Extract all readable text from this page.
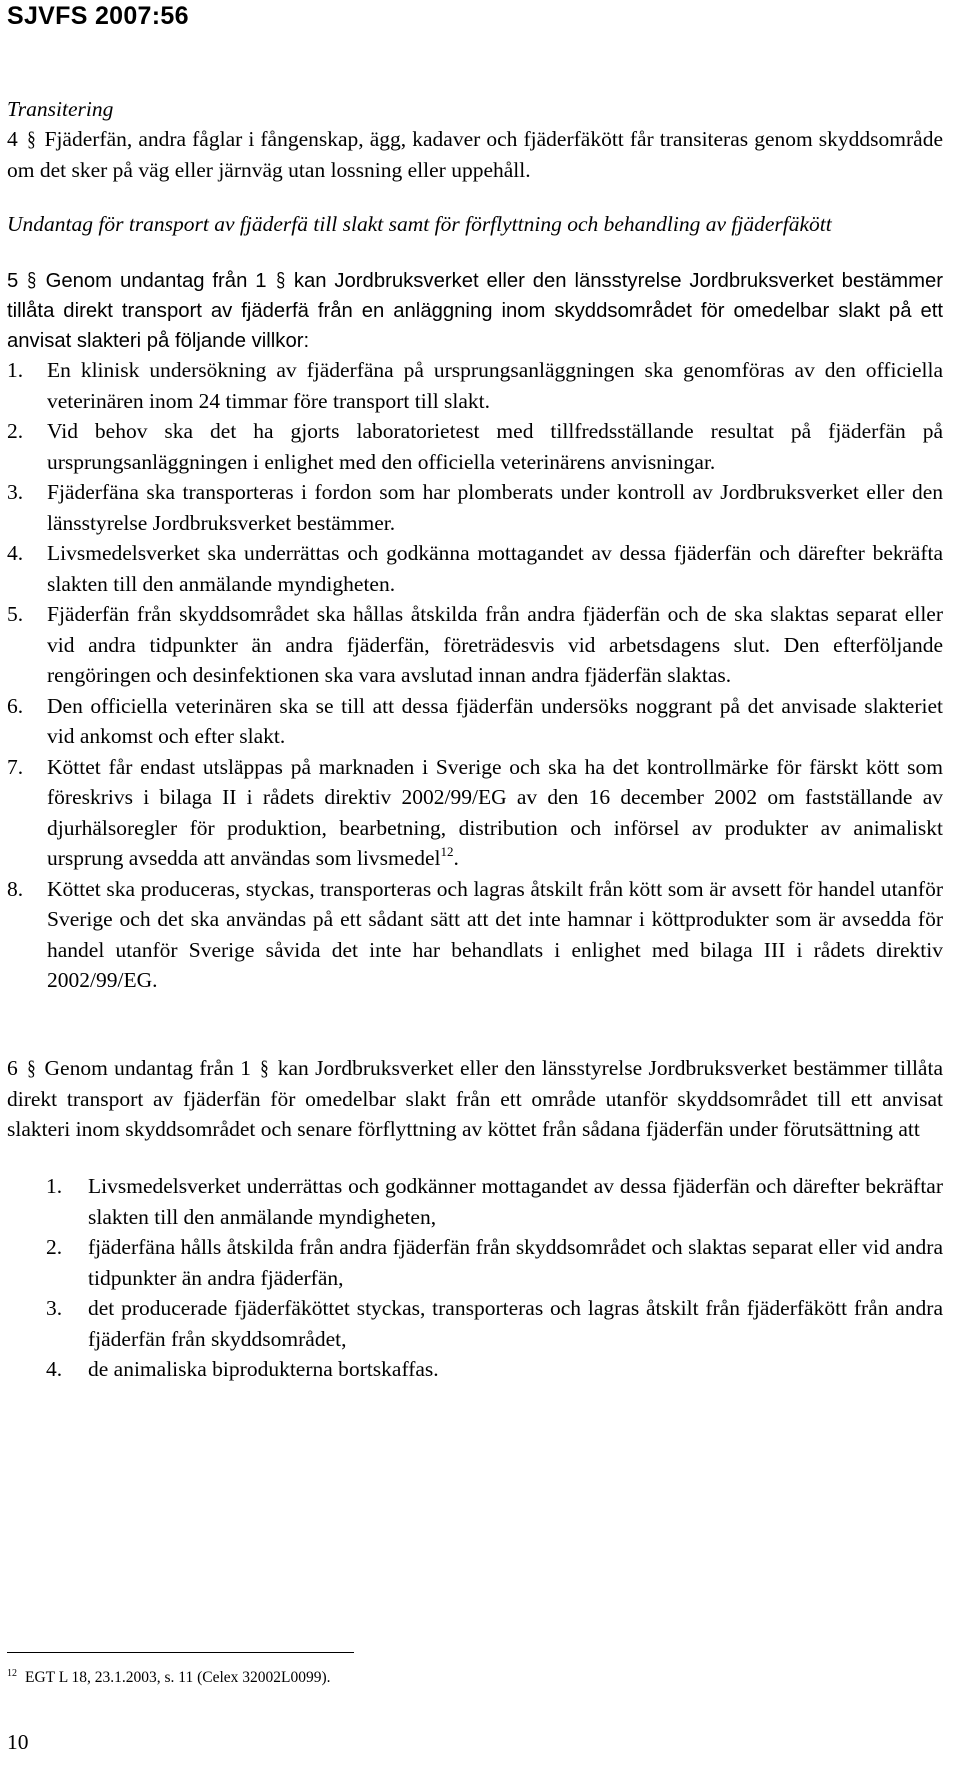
SJVFS 2007:56
Transitering
4 § Fjäderfän, andra fåglar i fångenskap, ägg, kadaver och fjäderfäkött får transiteras genom skyddsområde om det sker på väg eller järnväg utan lossning eller uppehåll.
Undantag för transport av fjäderfä till slakt samt för förflyttning och behandling av fjäderfäkött
5 § Genom undantag från 1 § kan Jordbruksverket eller den länsstyrelse Jordbruksverket bestämmer tillåta direkt transport av fjäderfä från en anläggning inom skyddsområdet för omedelbar slakt på ett anvisat slakteri på följande villkor:
1. En klinisk undersökning av fjäderfäna på ursprungsanläggningen ska genomföras av den officiella veterinären inom 24 timmar före transport till slakt.
2. Vid behov ska det ha gjorts laboratorietest med tillfredsställande resultat på fjäderfän på ursprungsanläggningen i enlighet med den officiella veterinärens anvisningar.
3. Fjäderfäna ska transporteras i fordon som har plomberats under kontroll av Jordbruksverket eller den länsstyrelse Jordbruksverket bestämmer.
4. Livsmedelsverket ska underrättas och godkänna mottagandet av dessa fjäderfän och därefter bekräfta slakten till den anmälande myndigheten.
5. Fjäderfän från skyddsområdet ska hållas åtskilda från andra fjäderfän och de ska slaktas separat eller vid andra tidpunkter än andra fjäderfän, företrädesvis vid arbetsdagens slut. Den efterföljande rengöringen och desinfektionen ska vara avslutad innan andra fjäderfän slaktas.
6. Den officiella veterinären ska se till att dessa fjäderfän undersöks noggrant på det anvisade slakteriet vid ankomst och efter slakt.
7. Köttet får endast utsläppas på marknaden i Sverige och ska ha det kontrollmärke för färskt kött som föreskrivs i bilaga II i rådets direktiv 2002/99/EG av den 16 december 2002 om fastställande av djurhälsoregler för produktion, bearbetning, distribution och införsel av produkter av animaliskt ursprung avsedda att användas som livsmedel$^{12}$.
8. Köttet ska produceras, styckas, transporteras och lagras åtskilt från kött som är avsett för handel utanför Sverige och det ska användas på ett sådant sätt att det inte hamnar i köttprodukter som är avsedda för handel utanför Sverige såvida det inte har behandlats i enlighet med bilaga III i rådets direktiv 2002/99/EG.
6 § Genom undantag från 1 § kan Jordbruksverket eller den länsstyrelse Jordbruksverket bestämmer tillåta direkt transport av fjäderfän för omedelbar slakt från ett område utanför skyddsområdet till ett anvisat slakteri inom skyddsområdet och senare förflyttning av köttet från sådana fjäderfän under förutsättning att
1. Livsmedelsverket underrättas och godkänner mottagandet av dessa fjäderfän och därefter bekräftar slakten till den anmälande myndigheten,
2. fjäderfäna hålls åtskilda från andra fjäderfän från skyddsområdet och slaktas separat eller vid andra tidpunkter än andra fjäderfän,
3. det producerade fjäderfäköttet styckas, transporteras och lagras åtskilt från fjäderfäkött från andra fjäderfän från skyddsområdet,
4. de animaliska biprodukterna bortskaffas.
$^{12}$ EGT L 18, 23.1.2003, s. 11 (Celex 32002L0099).
10
